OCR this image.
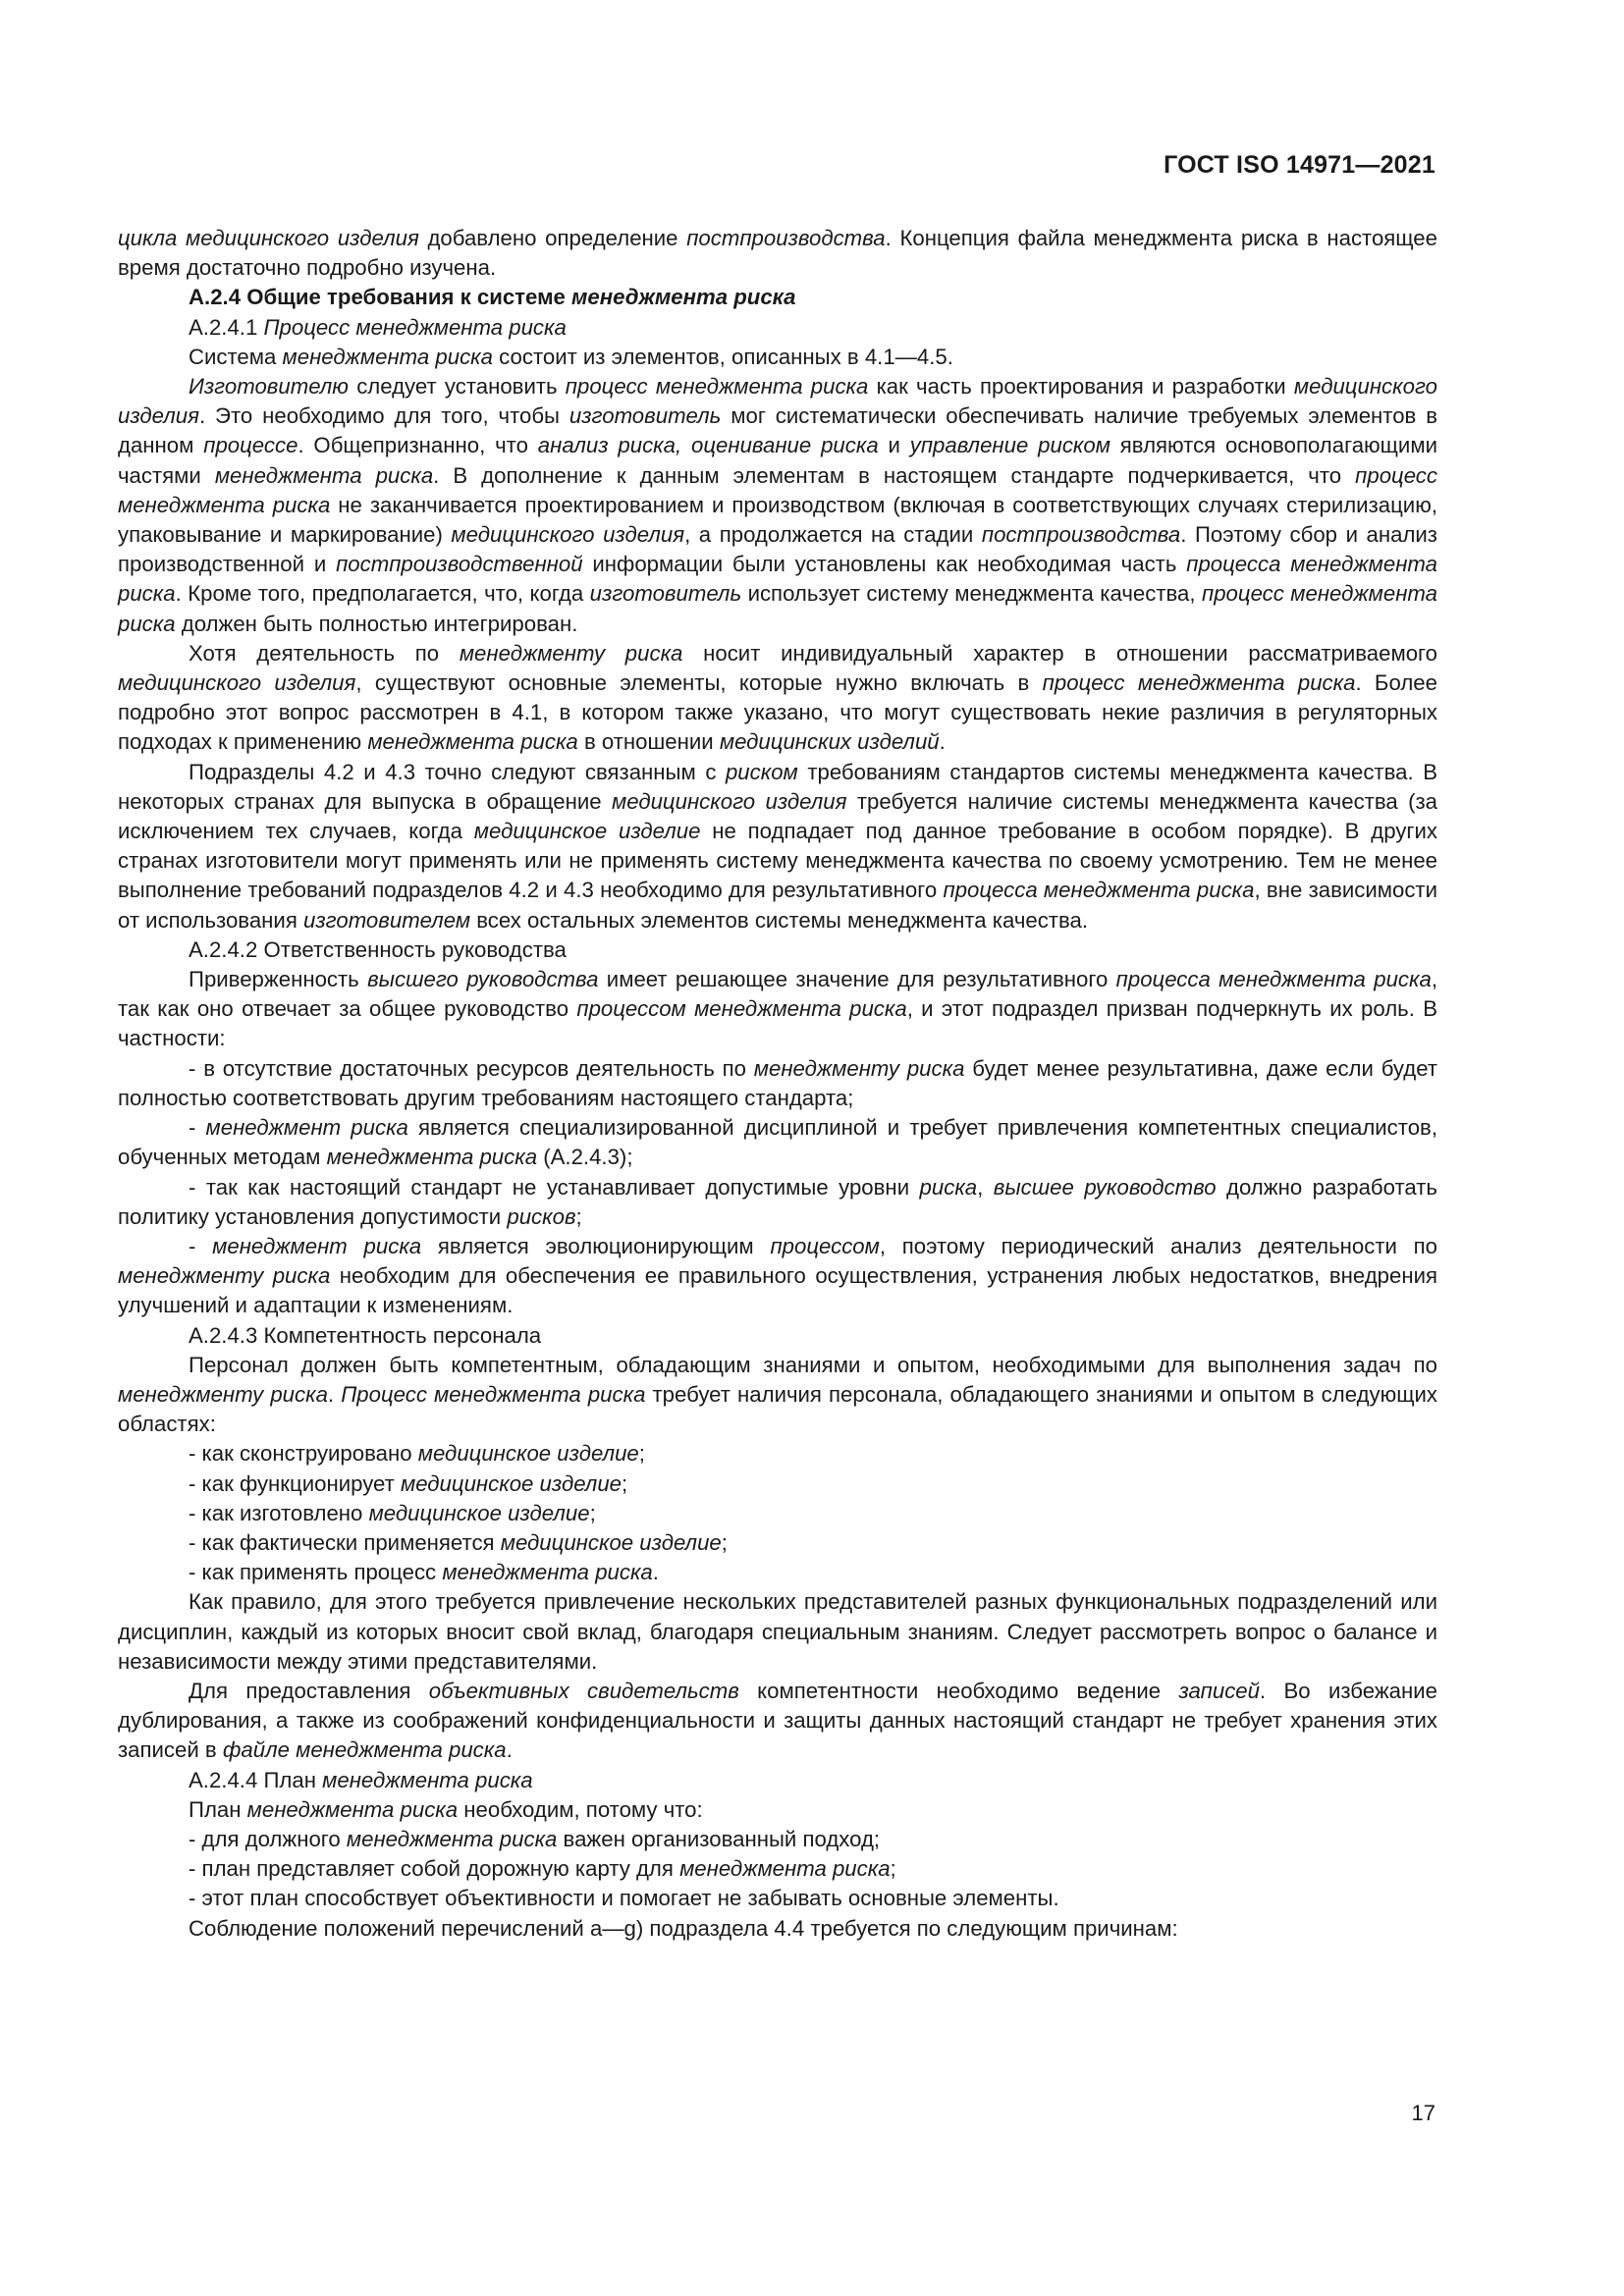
ГОСТ ISO 14971—2021

цикла медицинского изделия добавлено определение постпроизводства. Концепция файла менеджмента риска в настоящее время достаточно подробно изучена.

А.2.4 Общие требования к системе менеджмента риска

А.2.4.1 Процесс менеджмента риска

Система менеджмента риска состоит из элементов, описанных в 4.1—4.5.

Изготовителю следует установить процесс менеджмента риска как часть проектирования и разработки медицинского изделия. Это необходимо для того, чтобы изготовитель мог систематически обеспечивать наличие требуемых элементов в данном процессе. Общепризнанно, что анализ риска, оценивание риска и управление риском являются основополагающими частями менеджмента риска. В дополнение к данным элементам в настоящем стандарте подчеркивается, что процесс менеджмента риска не заканчивается проектированием и производством (включая в соответствующих случаях стерилизацию, упаковывание и маркирование) медицинского изделия, а продолжается на стадии постпроизводства. Поэтому сбор и анализ производственной и постпроизводственной информации были установлены как необходимая часть процесса менеджмента риска. Кроме того, предполагается, что, когда изготовитель использует систему менеджмента качества, процесс менеджмента риска должен быть полностью интегрирован.

Хотя деятельность по менеджменту риска носит индивидуальный характер в отношении рассматриваемого медицинского изделия, существуют основные элементы, которые нужно включать в процесс менеджмента риска. Более подробно этот вопрос рассмотрен в 4.1, в котором также указано, что могут существовать некие различия в регуляторных подходах к применению менеджмента риска в отношении медицинских изделий.

Подразделы 4.2 и 4.3 точно следуют связанным с риском требованиям стандартов системы менеджмента качества. В некоторых странах для выпуска в обращение медицинского изделия требуется наличие системы менеджмента качества (за исключением тех случаев, когда медицинское изделие не подпадает под данное требование в особом порядке). В других странах изготовители могут применять или не применять систему менеджмента качества по своему усмотрению. Тем не менее выполнение требований подразделов 4.2 и 4.3 необходимо для результативного процесса менеджмента риска, вне зависимости от использования изготовителем всех остальных элементов системы менеджмента качества.

А.2.4.2 Ответственность руководства

Приверженность высшего руководства имеет решающее значение для результативного процесса менеджмента риска, так как оно отвечает за общее руководство процессом менеджмента риска, и этот подраздел призван подчеркнуть их роль. В частности:

- в отсутствие достаточных ресурсов деятельность по менеджменту риска будет менее результативна, даже если будет полностью соответствовать другим требованиям настоящего стандарта;

- менеджмент риска является специализированной дисциплиной и требует привлечения компетентных специалистов, обученных методам менеджмента риска (А.2.4.3);

- так как настоящий стандарт не устанавливает допустимые уровни риска, высшее руководство должно разработать политику установления допустимости рисков;

- менеджмент риска является эволюционирующим процессом, поэтому периодический анализ деятельности по менеджменту риска необходим для обеспечения ее правильного осуществления, устранения любых недостатков, внедрения улучшений и адаптации к изменениям.

А.2.4.3 Компетентность персонала

Персонал должен быть компетентным, обладающим знаниями и опытом, необходимыми для выполнения задач по менеджменту риска. Процесс менеджмента риска требует наличия персонала, обладающего знаниями и опытом в следующих областях:

- как сконструировано медицинское изделие;

- как функционирует медицинское изделие;

- как изготовлено медицинское изделие;

- как фактически применяется медицинское изделие;

- как применять процесс менеджмента риска.

Как правило, для этого требуется привлечение нескольких представителей разных функциональных подразделений или дисциплин, каждый из которых вносит свой вклад, благодаря специальным знаниям. Следует рассмотреть вопрос о балансе и независимости между этими представителями.

Для предоставления объективных свидетельств компетентности необходимо ведение записей. Во избежание дублирования, а также из соображений конфиденциальности и защиты данных настоящий стандарт не требует хранения этих записей в файле менеджмента риска.

А.2.4.4 План менеджмента риска

План менеджмента риска необходим, потому что:

- для должного менеджмента риска важен организованный подход;

- план представляет собой дорожную карту для менеджмента риска;

- этот план способствует объективности и помогает не забывать основные элементы.

Соблюдение положений перечислений а—g) подраздела 4.4 требуется по следующим причинам:

17
